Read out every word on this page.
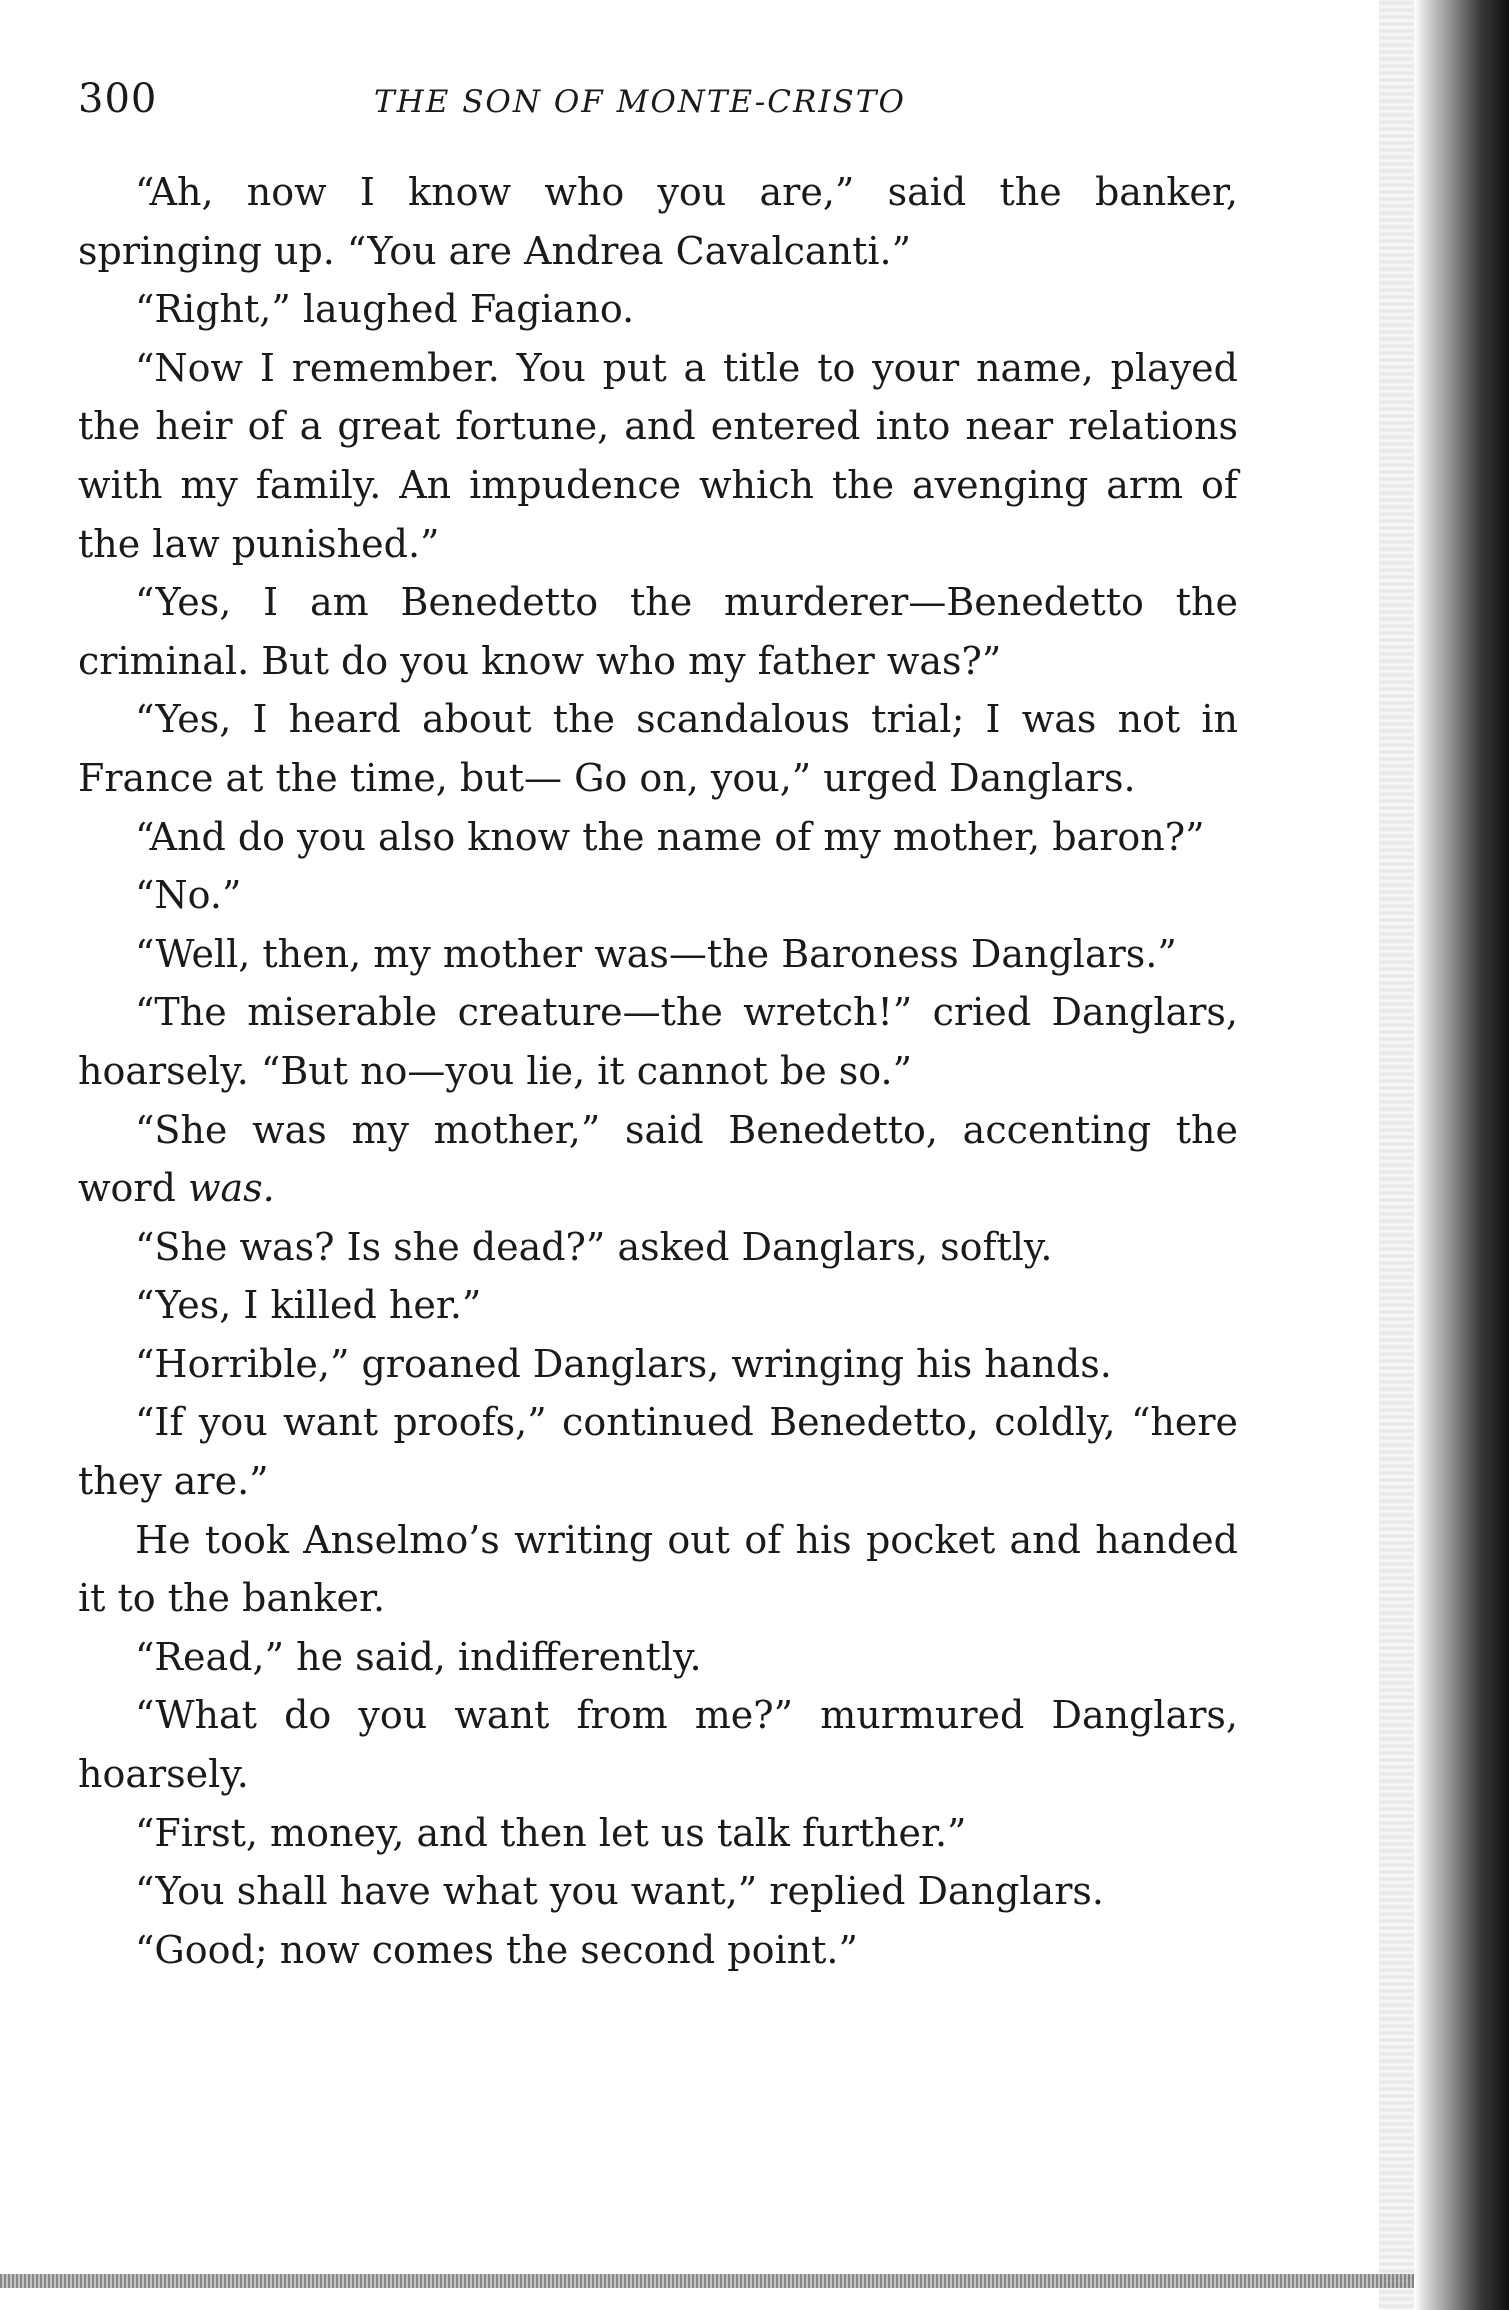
300	THE SON OF MONTE-CRISTO

“Ah, now I know who you are,” said the banker, springing up. “You are Andrea Cavalcanti.”

“Right,” laughed Fagiano.

“Now I remember. You put a title to your name, played the heir of a great fortune, and entered into near relations with my family. An impudence which the avenging arm of the law punished.”

“Yes, I am Benedetto the murderer—Benedetto the criminal. But do you know who my father was?”

“Yes, I heard about the scandalous trial; I was not in France at the time, but— Go on, you,” urged Danglars.

“And do you also know the name of my mother, baron?”

“No.”

“Well, then, my mother was—the Baroness Danglars.”

“The miserable creature—the wretch!” cried Danglars, hoarsely. “But no—you lie, it cannot be so.”

“She was my mother,” said Benedetto, accenting the word was.

“She was? Is she dead?” asked Danglars, softly.

“Yes, I killed her.”

“Horrible,” groaned Danglars, wringing his hands.

“If you want proofs,” continued Benedetto, coldly, “here they are.”

He took Anselmo’s writing out of his pocket and handed it to the banker.

“Read,” he said, indifferently.

“What do you want from me?” murmured Danglars, hoarsely.

“First, money, and then let us talk further.”

“You shall have what you want,” replied Danglars.

“Good; now comes the second point.”
